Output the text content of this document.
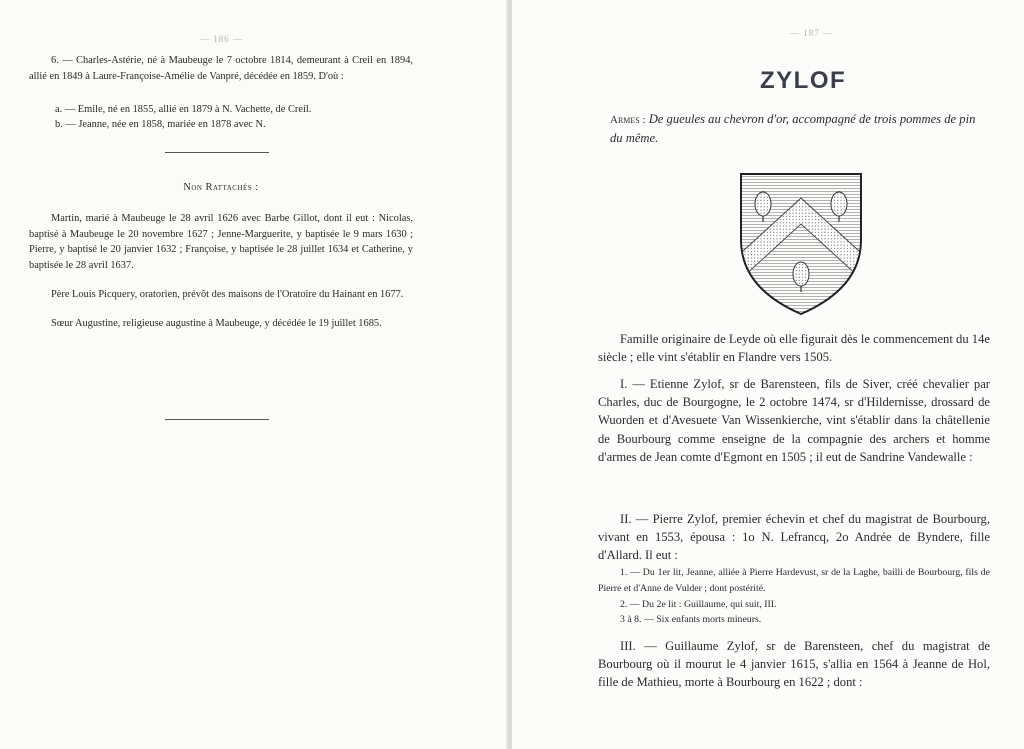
— 186 —

6. — Charles-Astérie, né à Maubeuge le 7 octobre 1814, demeurant à Creil en 1894, allié en 1849 à Laure-Françoise-Amélie de Vanpré, décédée en 1859. D'où :

a. — Emile, né en 1855, allié en 1879 à N. Vachette, de Creil.

b. — Jeanne, née en 1858, mariée en 1878 avec N.

Non Rattachés :

Martin, marié à Maubeuge le 28 avril 1626 avec Barbe Gillot, dont il eut : Nicolas, baptisé à Maubeuge le 20 novembre 1627 ; Jenne-Marguerite, y baptisée le 9 mars 1630 ; Pierre, y baptisé le 20 janvier 1632 ; Françoise, y baptisée le 28 juillet 1634 et Catherine, y baptisée le 28 avril 1637.

Père Louis Picquery, oratorien, prévôt des maisons de l'Oratoire du Hainant en 1677.

Sœur Augustine, religieuse augustine à Maubeuge, y décédée le 19 juillet 1685.

— 187 —
ZYLOF

Armes : De gueules au chevron d'or, accompagné de trois pommes de pin du même.

Famille originaire de Leyde où elle figurait dès le commencement du 14e siècle ; elle vint s'établir en Flandre vers 1505.

I. — Etienne Zylof, sr de Barensteen, fils de Siver, créé chevalier par Charles, duc de Bourgogne, le 2 octobre 1474, sr d'Hildernisse, drossard de Wuorden et d'Avesuete Van Wissenkierche, vint s'établir dans la châtellenie de Bourbourg comme enseigne de la compagnie des archers et homme d'armes de Jean comte d'Egmont en 1505 ; il eut de Sandrine Vandewalle :

II. — Pierre Zylof, premier échevin et chef du magistrat de Bourbourg, vivant en 1553, épousa : 1o N. Lefrancq, 2o Andrée de Byndere, fille d'Allard. Il eut :

1. — Du 1er lit, Jeanne, alliée à Pierre Hardevust, sr de la Laghe, bailli de Bourbourg, fils de Pierre et d'Anne de Vulder ; dont postérité.

2. — Du 2e lit : Guillaume, qui suit, III.

3 à 8. — Six enfants morts mineurs.

III. — Guillaume Zylof, sr de Barensteen, chef du magistrat de Bourbourg où il mourut le 4 janvier 1615, s'allia en 1564 à Jeanne de Hol, fille de Mathieu, morte à Bourbourg en 1622 ; dont :
